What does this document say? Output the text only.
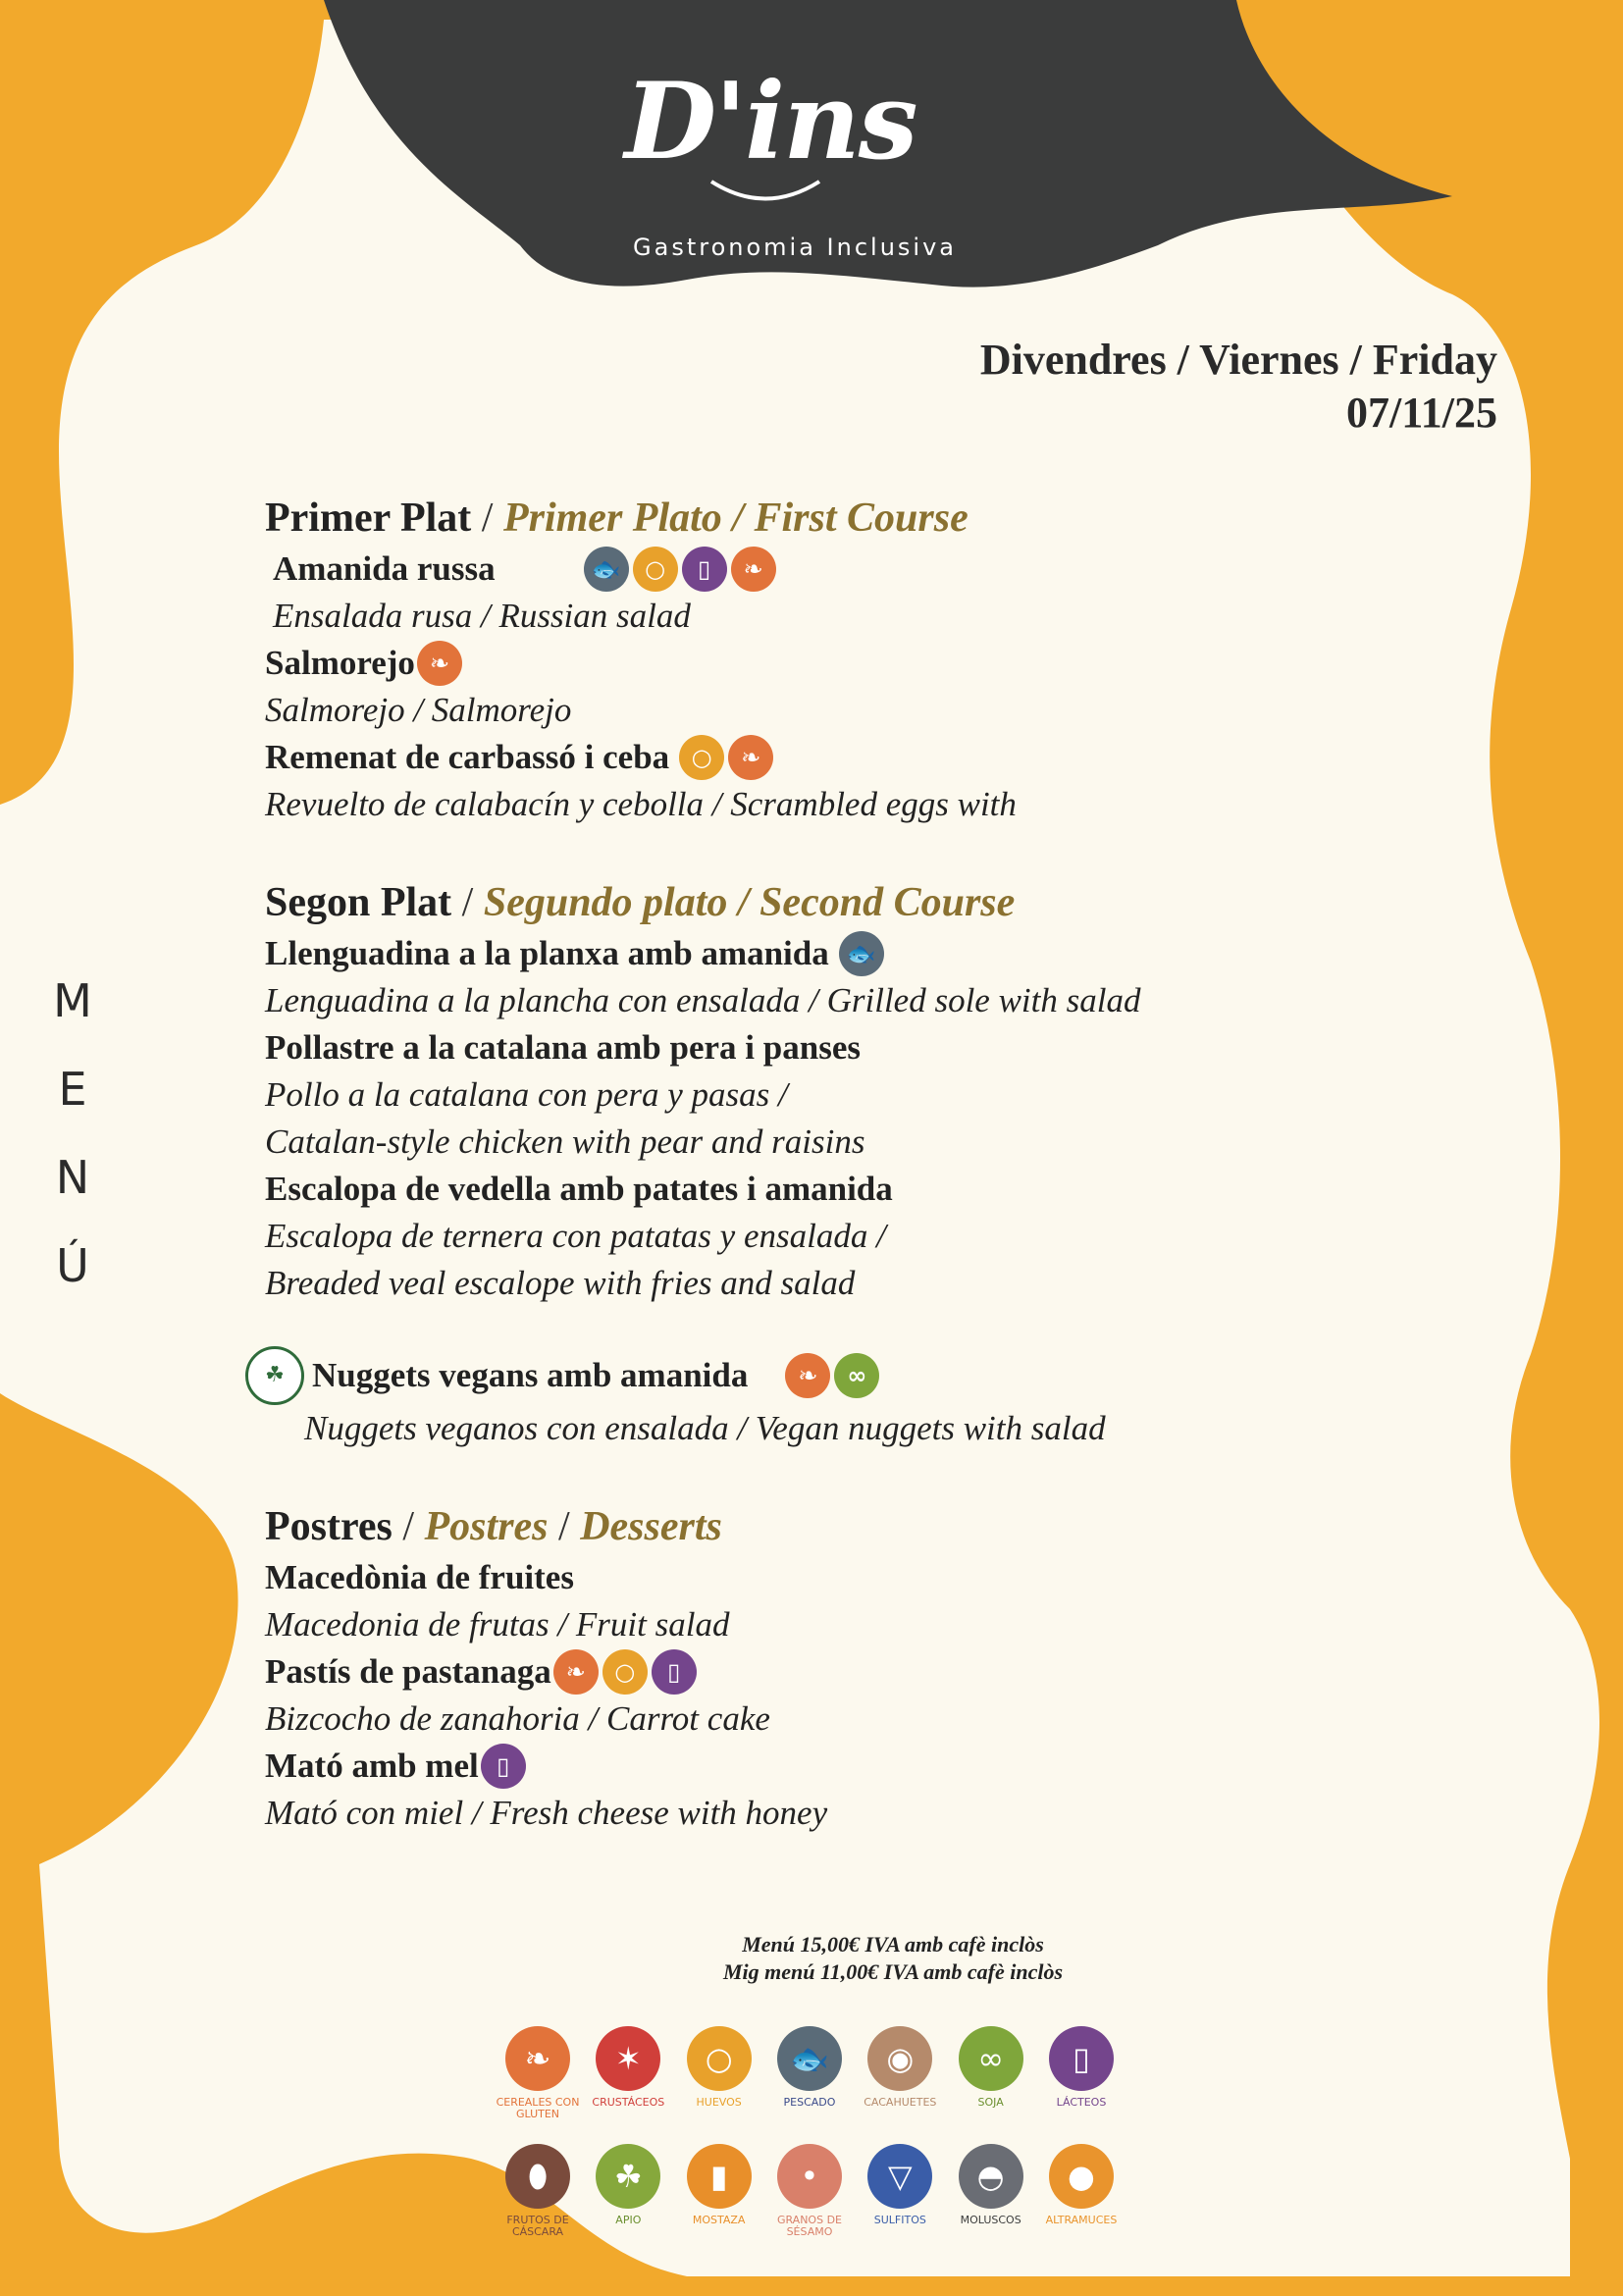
D'ins
Gastronomia Inclusiva
Divendres / Viernes / Friday
07/11/25
M
E
N
Ú
Primer Plat / Primer Plato / First Course
Amanida russa	🐟	○	▯	❧
Ensalada rusa / Russian salad
Salmorejo ❧
Salmorejo / Salmorejo
Remenat de carbassó i ceba ○	❧
Revuelto de calabacín y cebolla / Scrambled eggs with
Segon Plat / Segundo plato / Second Course
Llenguadina a la planxa amb amanida 🐟
Lenguadina a la plancha con ensalada / Grilled sole with salad
Pollastre a la catalana amb pera i panses
Pollo a la catalana con pera y pasas /
Catalan-style chicken with pear and raisins
Escalopa de vedella amb patates i amanida
Escalopa de ternera con patatas y ensalada /
Breaded veal escalope with fries and salad
☘ Nuggets vegans amb amanida	❧	∞
Nuggets veganos con ensalada / Vegan nuggets with salad
Postres / Postres / Desserts
Macedònia de fruites
Macedonia de frutas / Fruit salad
Pastís de pastanaga ❧	○	▯
Bizcocho de zanahoria / Carrot cake
Mató amb mel ▯
Mató con miel / Fresh cheese with honey
Menú 15,00€ IVA amb cafè inclòs
Mig menú 11,00€ IVA amb cafè inclòs
❧
CEREALES CON GLUTEN
✶
CRUSTÁCEOS
○
HUEVOS
🐟
PESCADO
◉
CACAHUETES
∞
SOJA
▯
LÁCTEOS
⬮
FRUTOS DE CÁSCARA
☘
APIO
▮
MOSTAZA
•
GRANOS DE SÉSAMO
▽
SULFITOS
◓
MOLUSCOS
●
ALTRAMUCES
